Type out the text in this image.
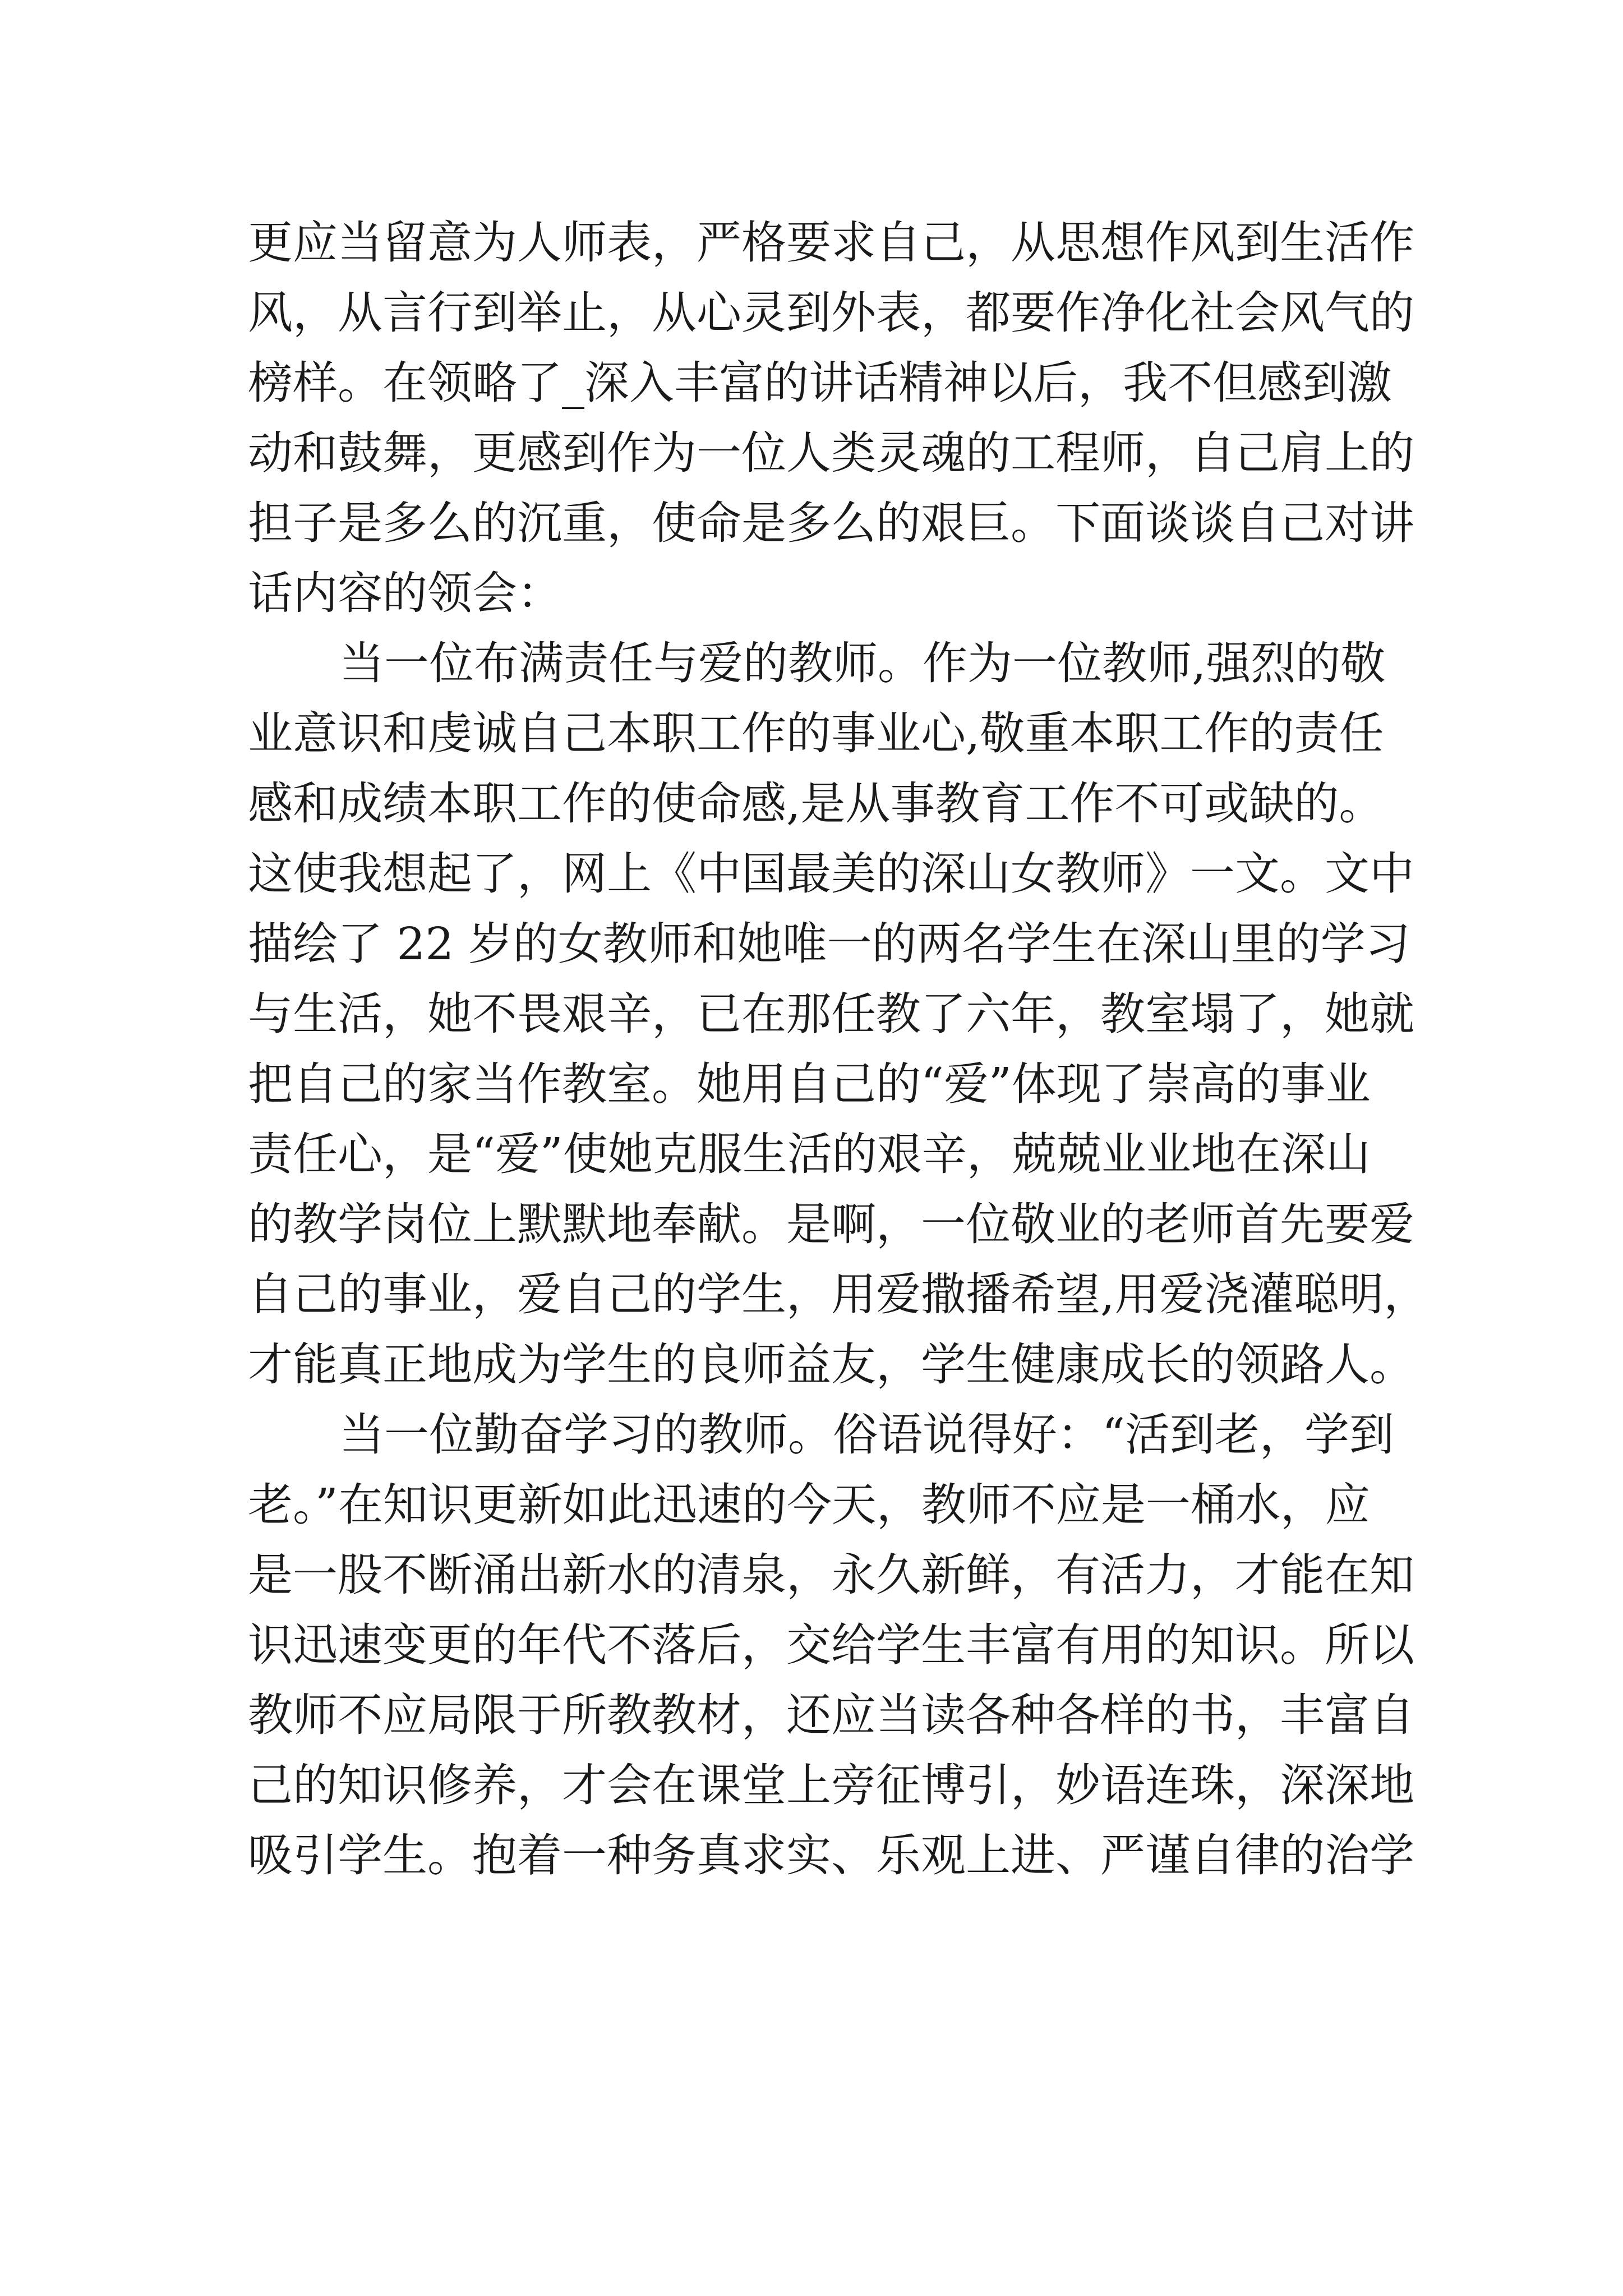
更应当留意为人师表，严格要求自己，从思想作风到生活作
风，从言行到举止，从心灵到外表，都要作净化社会风气的
榜样。在领略了_深入丰富的讲话精神以后，我不但感到激
动和鼓舞，更感到作为一位人类灵魂的工程师，自己肩上的
担子是多么的沉重，使命是多么的艰巨。下面谈谈自己对讲
话内容的领会：
当一位布满责任与爱的教师。作为一位教师,强烈的敬
业意识和虔诚自己本职工作的事业心,敬重本职工作的责任
感和成绩本职工作的使命感,是从事教育工作不可或缺的。
这使我想起了，网上《中国最美的深山女教师》一文。文中
描绘了 22 岁的女教师和她唯一的两名学生在深山里的学习
与生活，她不畏艰辛，已在那任教了六年，教室塌了，她就
把自己的家当作教室。她用自己的“爱”体现了崇高的事业
责任心，是“爱”使她克服生活的艰辛，兢兢业业地在深山
的教学岗位上默默地奉献。是啊，一位敬业的老师首先要爱
自己的事业，爱自己的学生，用爱撒播希望,用爱浇灌聪明，
才能真正地成为学生的良师益友，学生健康成长的领路人。
当一位勤奋学习的教师。俗语说得好：“活到老，学到
老。”在知识更新如此迅速的今天，教师不应是一桶水，应
是一股不断涌出新水的清泉，永久新鲜，有活力，才能在知
识迅速变更的年代不落后，交给学生丰富有用的知识。所以
教师不应局限于所教教材，还应当读各种各样的书，丰富自
己的知识修养，才会在课堂上旁征博引，妙语连珠，深深地
吸引学生。抱着一种务真求实、乐观上进、严谨自律的治学
